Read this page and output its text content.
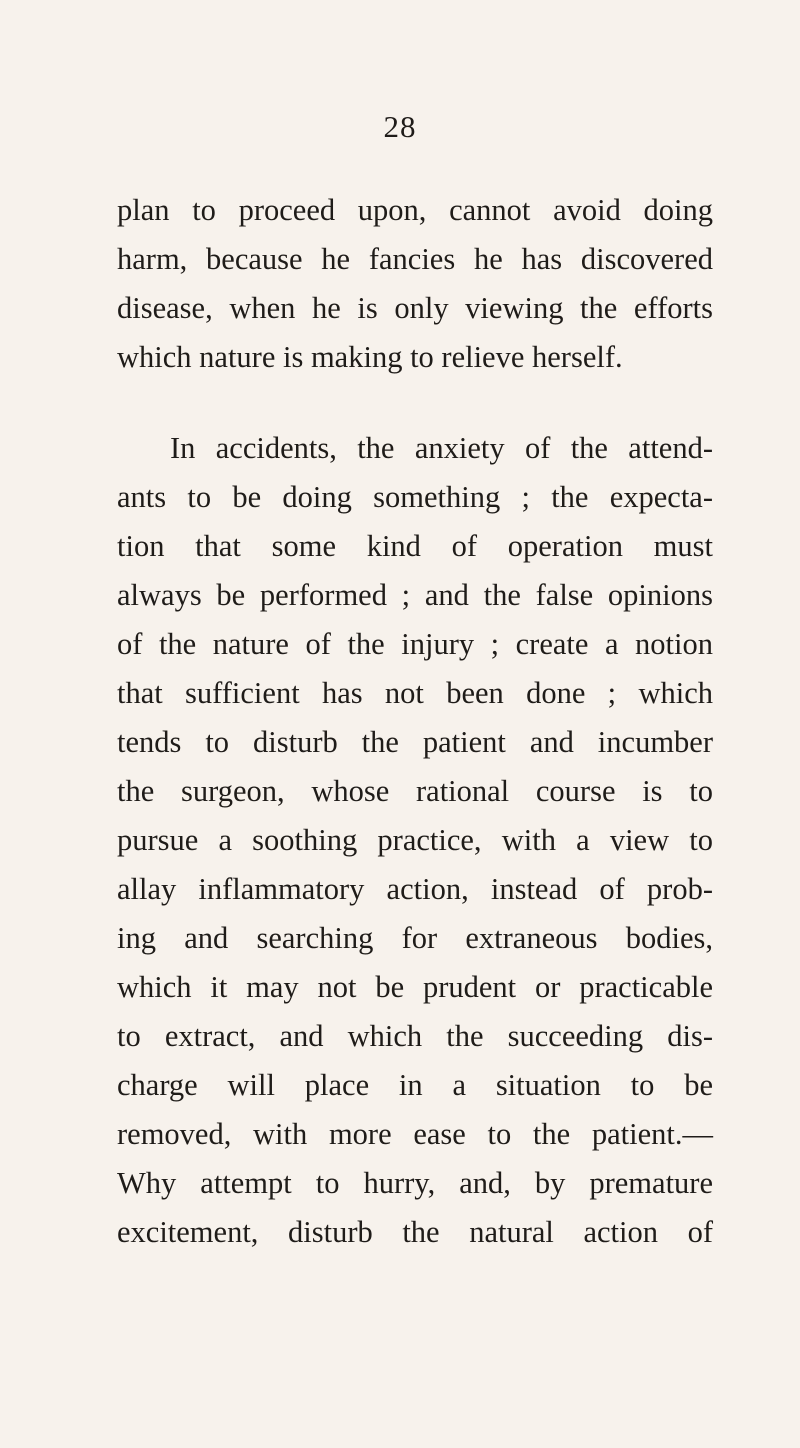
28
plan to proceed upon, cannot avoid doing
harm, because he fancies he has discovered
disease, when he is only viewing the efforts
which nature is making to relieve herself.
In accidents, the anxiety of the attend-
ants to be doing something ; the expecta-
tion that some kind of operation must
always be performed ; and the false opinions
of the nature of the injury ; create a notion
that sufficient has not been done ; which
tends to disturb the patient and incumber
the surgeon, whose rational course is to
pursue a soothing practice, with a view to
allay inflammatory action, instead of prob-
ing and searching for extraneous bodies,
which it may not be prudent or practicable
to extract, and which the succeeding dis-
charge will place in a situation to be
removed, with more ease to the patient.—
Why attempt to hurry, and, by premature
excitement, disturb the natural action of
